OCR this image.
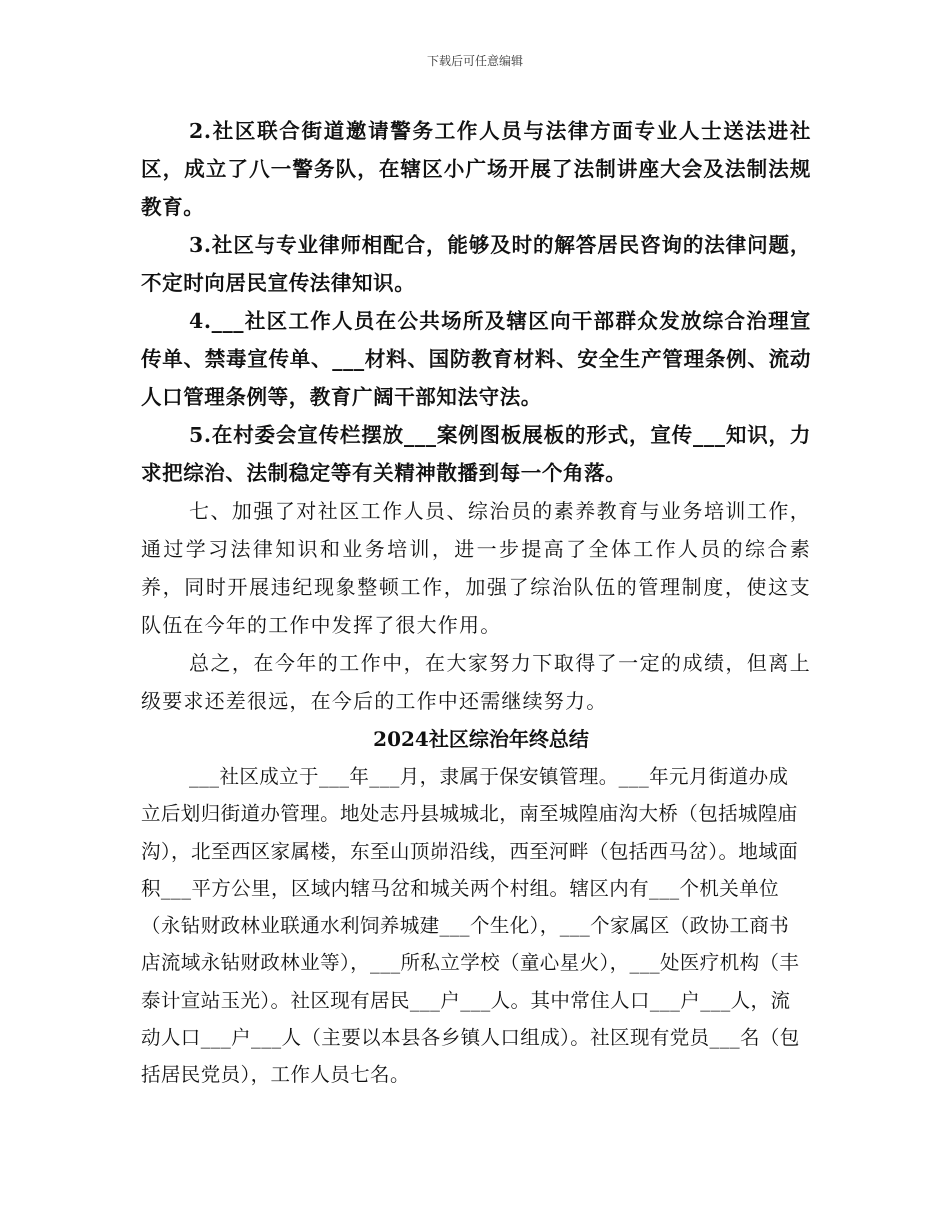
下载后可任意编辑

2.社区联合街道邀请警务工作人员与法律方面专业人士送法进社区，成立了八一警务队，在辖区小广场开展了法制讲座大会及法制法规教育。

3.社区与专业律师相配合，能够及时的解答居民咨询的法律问题，不定时向居民宣传法律知识。

4.___社区工作人员在公共场所及辖区向干部群众发放综合治理宣传单、禁毒宣传单、___材料、国防教育材料、安全生产管理条例、流动人口管理条例等，教育广阔干部知法守法。

5.在村委会宣传栏摆放___案例图板展板的形式，宣传___知识，力求把综治、法制稳定等有关精神散播到每一个角落。

七、加强了对社区工作人员、综治员的素养教育与业务培训工作，通过学习法律知识和业务培训，进一步提高了全体工作人员的综合素养，同时开展违纪现象整顿工作，加强了综治队伍的管理制度，使这支队伍在今年的工作中发挥了很大作用。

总之，在今年的工作中，在大家努力下取得了一定的成绩，但离上级要求还差很远，在今后的工作中还需继续努力。

2024社区综治年终总结

___社区成立于___年___月，隶属于保安镇管理。___年元月街道办成立后划归街道办管理。地处志丹县城城北，南至城隍庙沟大桥（包括城隍庙沟），北至西区家属楼，东至山顶峁沿线，西至河畔（包括西马岔）。地域面积___平方公里，区域内辖马岔和城关两个村组。辖区内有___个机关单位（永钻财政林业联通水利饲养城建___个生化），___个家属区（政协工商书店流域永钻财政林业等），___所私立学校（童心星火），___处医疗机构（丰泰计宣站玉光）。社区现有居民___户___人。其中常住人口___户___人，流动人口___户___人（主要以本县各乡镇人口组成）。社区现有党员___名（包括居民党员），工作人员七名。
